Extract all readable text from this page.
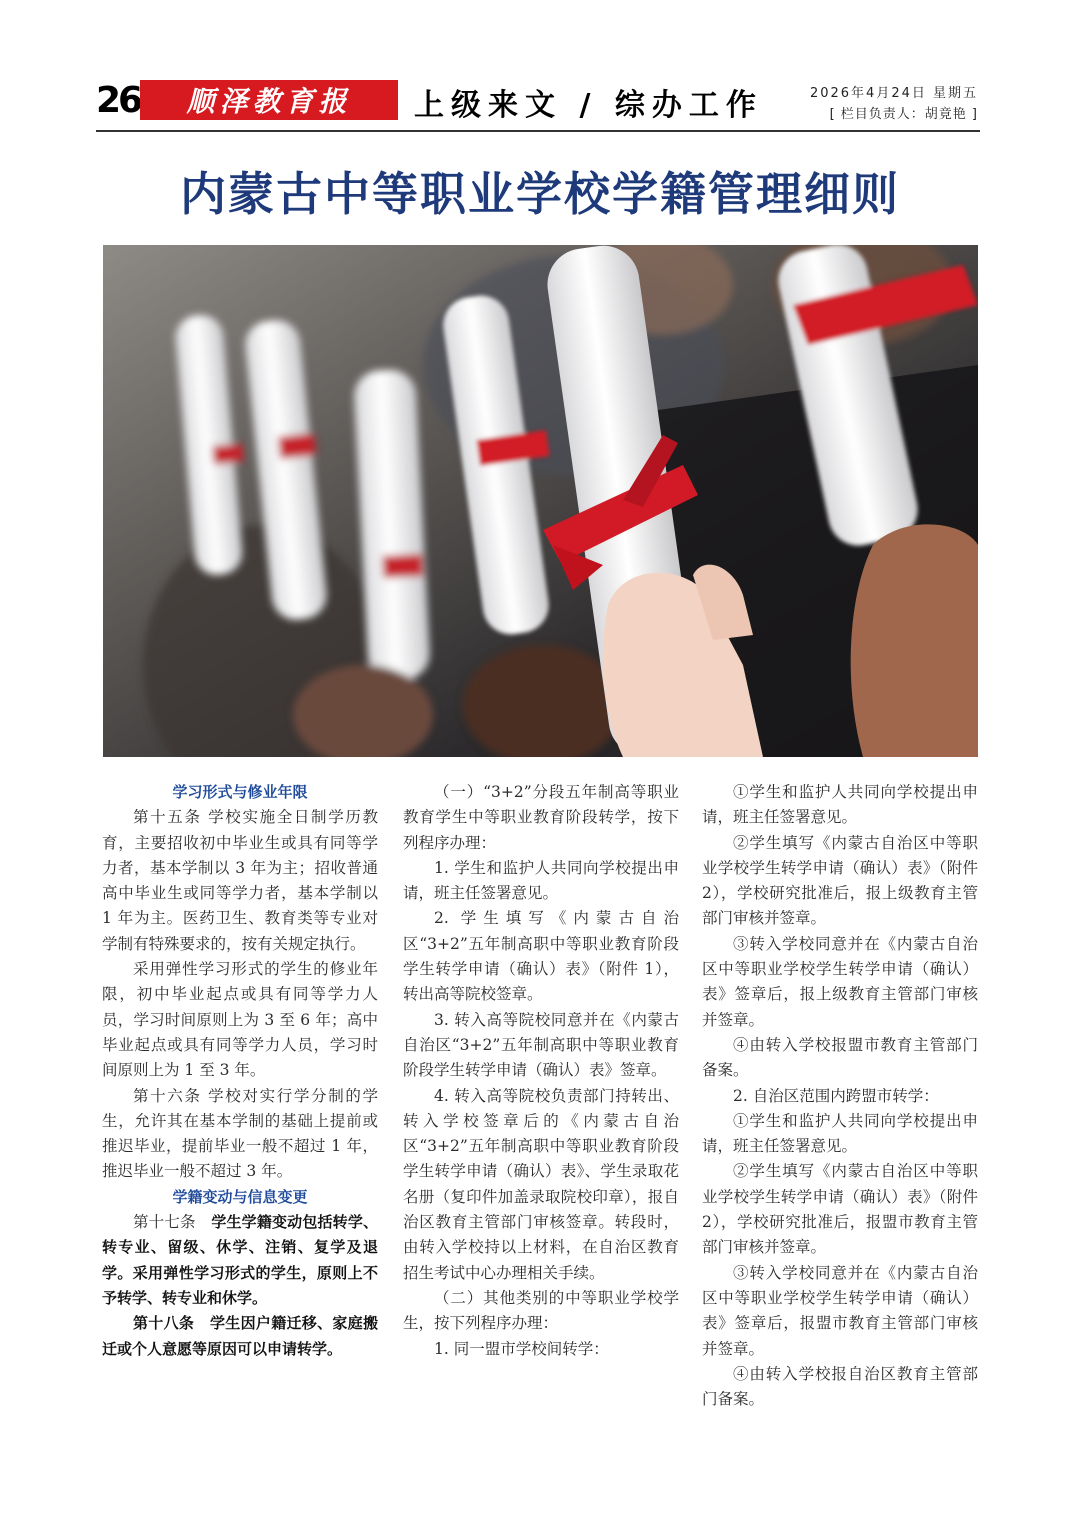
26	顺泽教育报	上级来文 / 综办工作	2026年4月24日 星期五
[ 栏目负责人：胡竟艳 ]
内蒙古中等职业学校学籍管理细则
学习形式与修业年限

第十五条 学校实施全日制学历教育，主要招收初中毕业生或具有同等学力者，基本学制以 3 年为主；招收普通高中毕业生或同等学力者，基本学制以 1 年为主。医药卫生、教育类等专业对学制有特殊要求的，按有关规定执行。

采用弹性学习形式的学生的修业年限，初中毕业起点或具有同等学力人员，学习时间原则上为 3 至 6 年；高中毕业起点或具有同等学力人员，学习时间原则上为 1 至 3 年。

第十六条 学校对实行学分制的学生，允许其在基本学制的基础上提前或推迟毕业，提前毕业一般不超过 1 年，推迟毕业一般不超过 3 年。

学籍变动与信息变更

第十七条  学生学籍变动包括转学、转专业、留级、休学、注销、复学及退学。采用弹性学习形式的学生，原则上不予转学、转专业和休学。

第十八条  学生因户籍迁移、家庭搬迁或个人意愿等原因可以申请转学。

（一）“3+2”分段五年制高等职业教育学生中等职业教育阶段转学，按下列程序办理：

1. 学生和监护人共同向学校提出申请，班主任签署意见。

2. 学生填写《内蒙古自治区“3+2”五年制高职中等职业教育阶段学生转学申请（确认）表》（附件 1），转出高等院校签章。

3. 转入高等院校同意并在《内蒙古自治区“3+2”五年制高职中等职业教育阶段学生转学申请（确认）表》签章。

4. 转入高等院校负责部门持转出、转入学校签章后的《内蒙古自治区“3+2”五年制高职中等职业教育阶段学生转学申请（确认）表》、学生录取花名册（复印件加盖录取院校印章），报自治区教育主管部门审核签章。转段时，由转入学校持以上材料，在自治区教育招生考试中心办理相关手续。

（二）其他类别的中等职业学校学生，按下列程序办理：

1. 同一盟市学校间转学：

①学生和监护人共同向学校提出申请，班主任签署意见。

②学生填写《内蒙古自治区中等职业学校学生转学申请（确认）表》（附件 2），学校研究批准后，报上级教育主管部门审核并签章。

③转入学校同意并在《内蒙古自治区中等职业学校学生转学申请（确认）表》签章后，报上级教育主管部门审核并签章。

④由转入学校报盟市教育主管部门备案。

2. 自治区范围内跨盟市转学：

①学生和监护人共同向学校提出申请，班主任签署意见。

②学生填写《内蒙古自治区中等职业学校学生转学申请（确认）表》（附件 2），学校研究批准后，报盟市教育主管部门审核并签章。

③转入学校同意并在《内蒙古自治区中等职业学校学生转学申请（确认）表》签章后，报盟市教育主管部门审核并签章。

④由转入学校报自治区教育主管部门备案。
